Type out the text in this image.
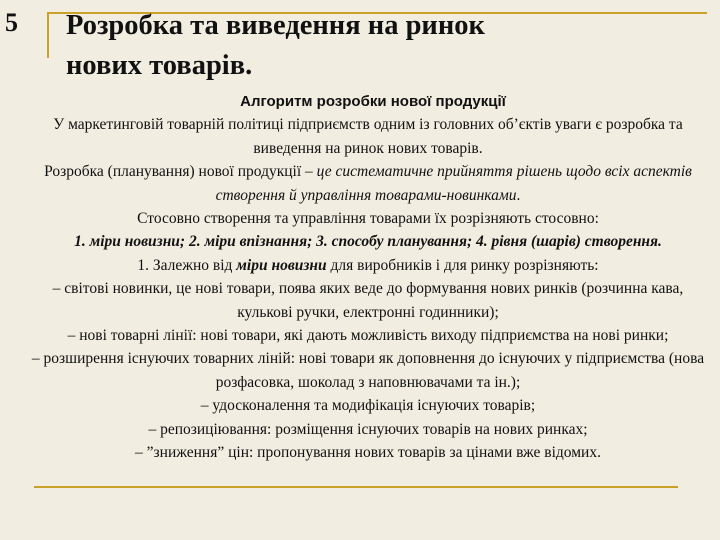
5 Розробка та виведення на ринок
нових товарів.

Алгоритм розробки нової продукції

У маркетинговій товарній політиці підприємств одним із головних об’єктів уваги є розробка та виведення на ринок нових товарів.

Розробка (планування) нової продукції – це систематичне прийняття рішень щодо всіх аспектів створення й управління товарами-новинками.

Стосовно створення та управління товарами їх розрізняють стосовно:

1. міри новизни; 2. міри впізнання; 3. способу планування; 4. рівня (шарів) створення.

1. Залежно від міри новизни для виробників і для ринку розрізняють:

– світові новинки, це нові товари, поява яких веде до формування нових ринків (розчинна кава, кулькові ручки, електронні годинники);

– нові товарні лінії: нові товари, які дають можливість виходу підприємства на нові ринки;

– розширення існуючих товарних ліній: нові товари як доповнення до існуючих у підприємства (нова розфасовка, шоколад з наповнювачами та ін.);

– удосконалення та модифікація існуючих товарів;

– репозиціювання: розміщення існуючих товарів на нових ринках;

– ”зниження” цін: пропонування нових товарів за цінами вже відомих.
